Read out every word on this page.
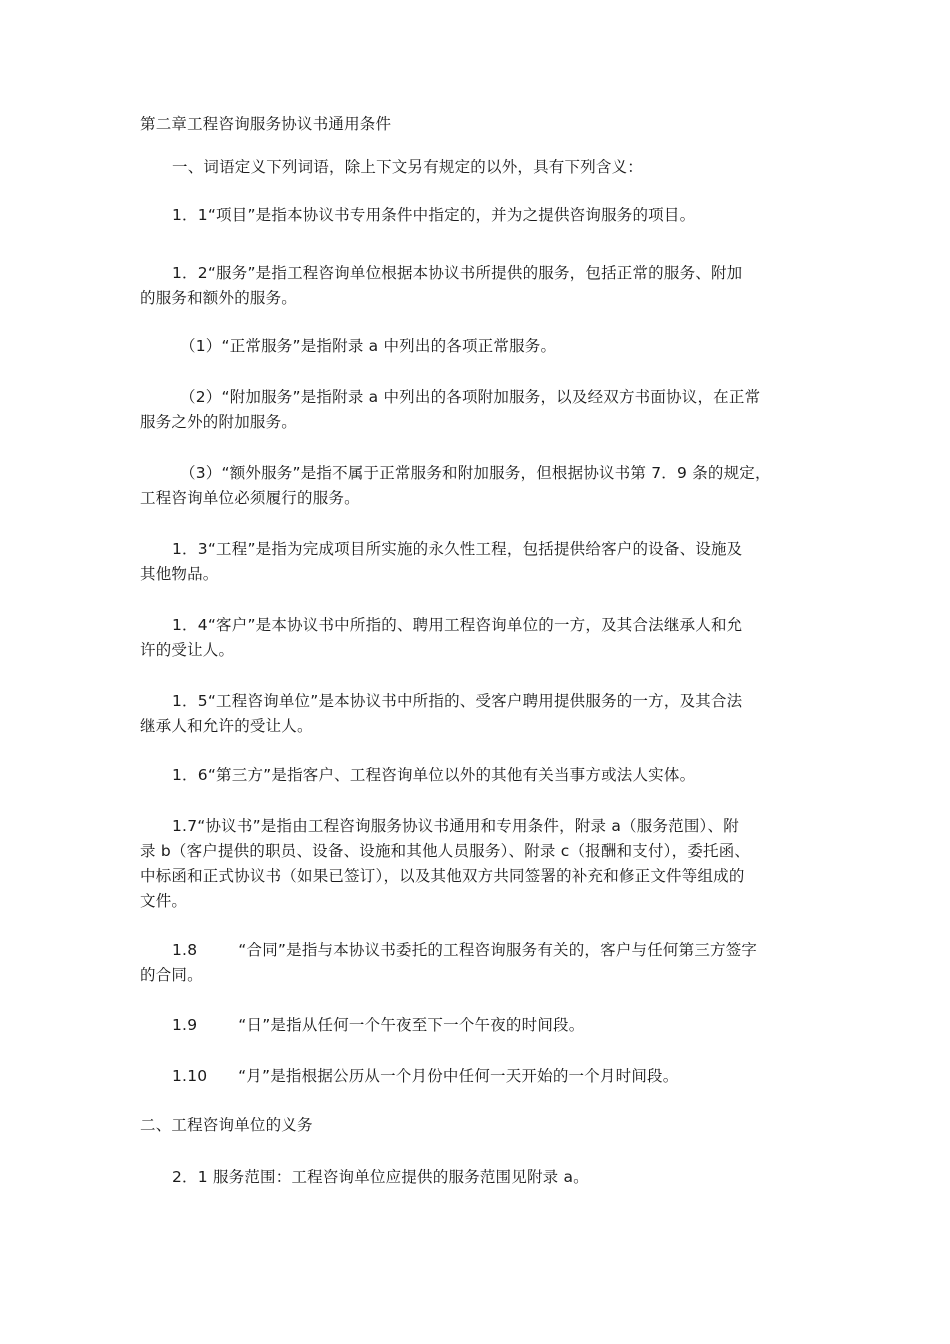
第二章工程咨询服务协议书通用条件
一、词语定义下列词语，除上下文另有规定的以外，具有下列含义：
1．1“项目”是指本协议书专用条件中指定的，并为之提供咨询服务的项目。
1．2“服务”是指工程咨询单位根据本协议书所提供的服务，包括正常的服务、附加
的服务和额外的服务。
（1）“正常服务”是指附录 a 中列出的各项正常服务。
（2）“附加服务”是指附录 a 中列出的各项附加服务，以及经双方书面协议，在正常
服务之外的附加服务。
（3）“额外服务”是指不属于正常服务和附加服务，但根据协议书第 7．9 条的规定，
工程咨询单位必须履行的服务。
1．3“工程”是指为完成项目所实施的永久性工程，包括提供给客户的设备、设施及
其他物品。
1．4“客户”是本协议书中所指的、聘用工程咨询单位的一方，及其合法继承人和允
许的受让人。
1．5“工程咨询单位”是本协议书中所指的、受客户聘用提供服务的一方，及其合法
继承人和允许的受让人。
1．6“第三方”是指客户、工程咨询单位以外的其他有关当事方或法人实体。
1.7“协议书”是指由工程咨询服务协议书通用和专用条件，附录 a（服务范围）、附
录 b（客户提供的职员、设备、设施和其他人员服务）、附录 c（报酬和支付），委托函、
中标函和正式协议书（如果已签订），以及其他双方共同签署的补充和修正文件等组成的
文件。
1.8        “合同”是指与本协议书委托的工程咨询服务有关的，客户与任何第三方签字
的合同。
1.9        “日”是指从任何一个午夜至下一个午夜的时间段。
1.10      “月”是指根据公历从一个月份中任何一天开始的一个月时间段。
二、工程咨询单位的义务
2．1 服务范围：工程咨询单位应提供的服务范围见附录 a。
